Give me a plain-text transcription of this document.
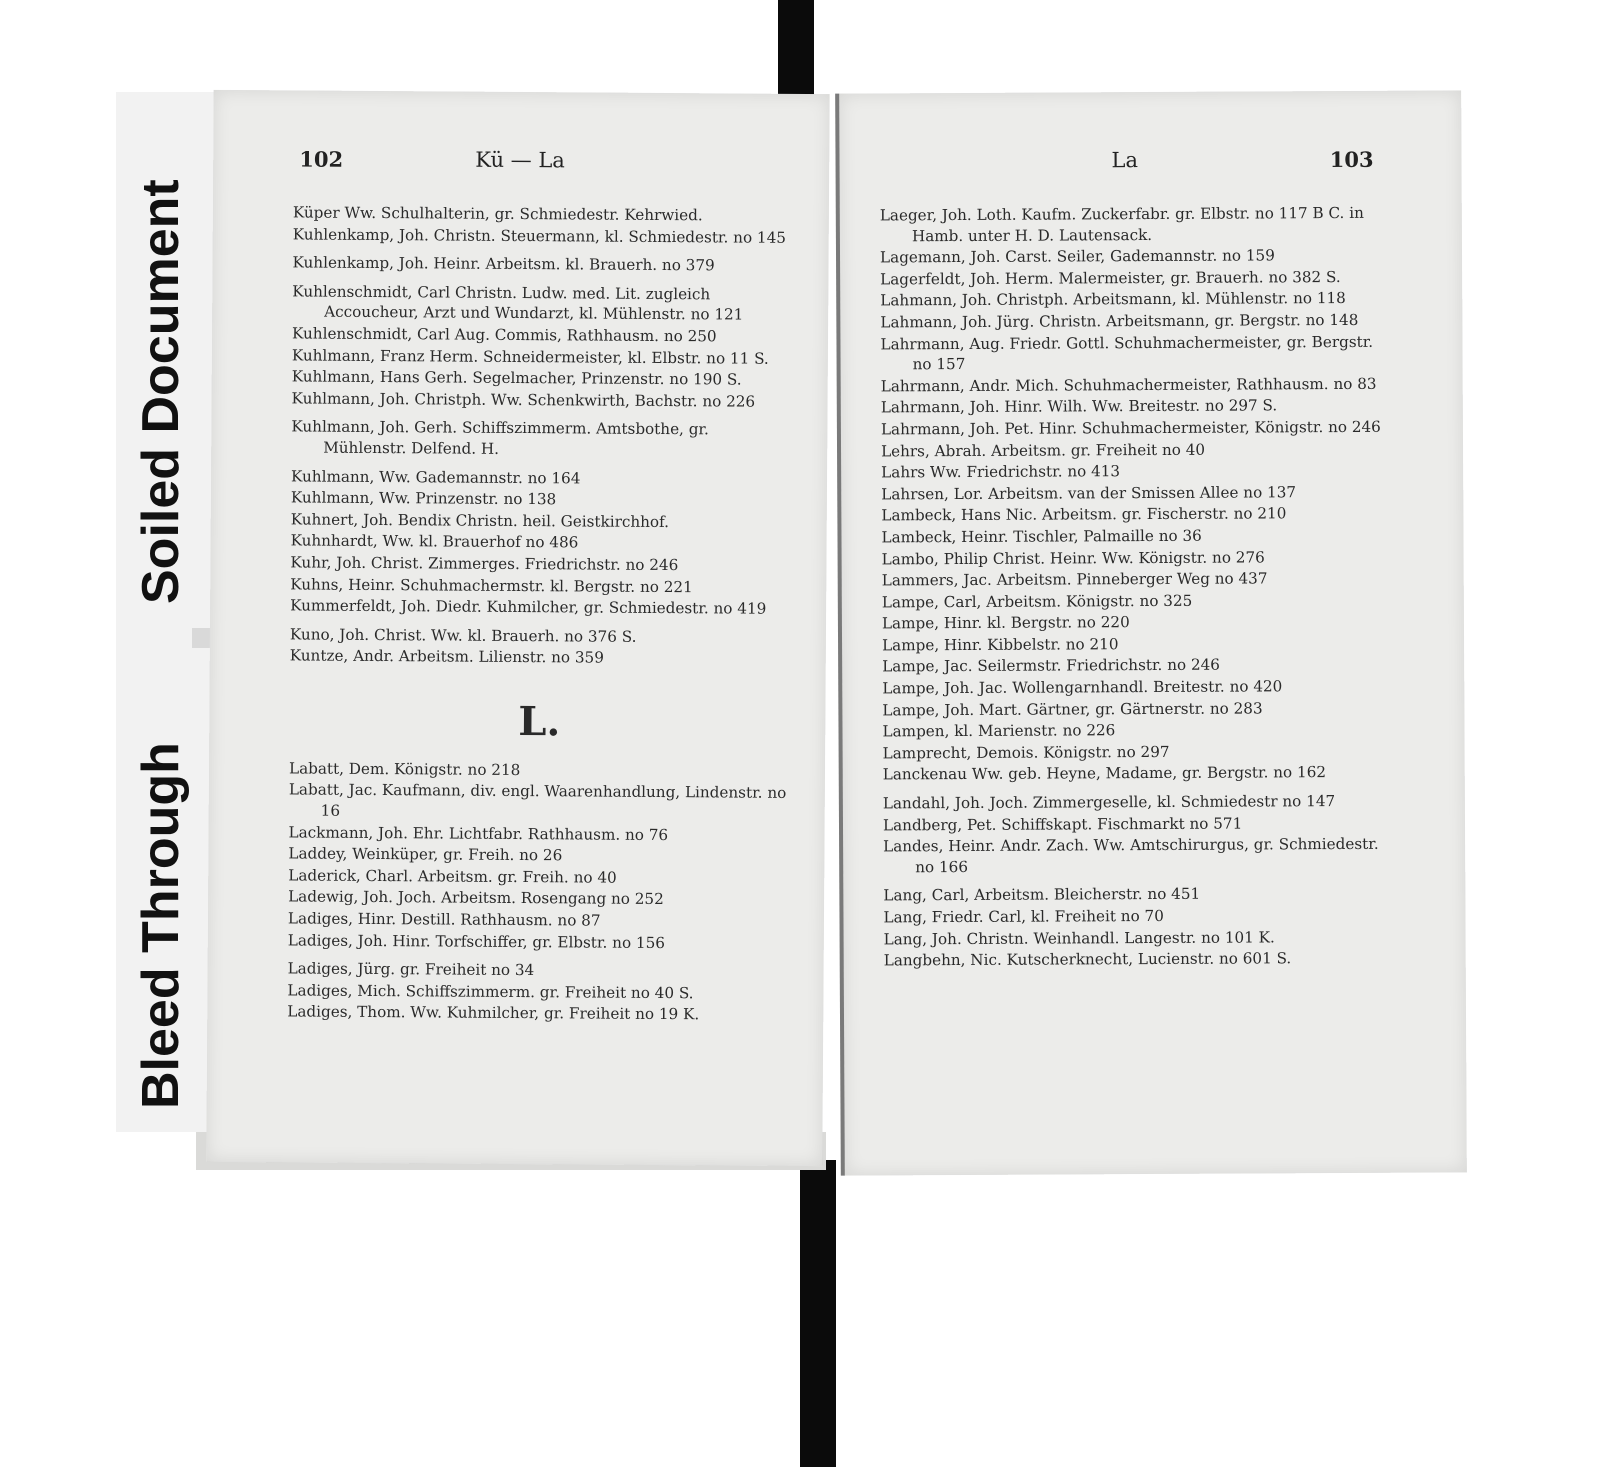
Soiled Document
Bleed Through
102	Kü — La
Küper Ww. Schulhalterin, gr. Schmiedestr. Kehrwied.
Kuhlenkamp, Joh. Christn. Steuermann, kl. Schmiedestr. no 145
Kuhlenkamp, Joh. Heinr. Arbeitsm. kl. Brauerh. no 379
Kuhlenschmidt, Carl Christn. Ludw. med. Lit. zugleich Accoucheur, Arzt und Wundarzt, kl. Mühlenstr. no 121
Kuhlenschmidt, Carl Aug. Commis, Rathhausm. no 250
Kuhlmann, Franz Herm. Schneidermeister, kl. Elbstr. no 11 S.
Kuhlmann, Hans Gerh. Segelmacher, Prinzenstr. no 190 S.
Kuhlmann, Joh. Christph. Ww. Schenkwirth, Bachstr. no 226
Kuhlmann, Joh. Gerh. Schiffszimmerm. Amtsbothe, gr. Mühlenstr. Delfend. H.
Kuhlmann, Ww. Gademannstr. no 164
Kuhlmann, Ww. Prinzenstr. no 138
Kuhnert, Joh. Bendix Christn. heil. Geistkirchhof.
Kuhnhardt, Ww. kl. Brauerhof no 486
Kuhr, Joh. Christ. Zimmerges. Friedrichstr. no 246
Kuhns, Heinr. Schuhmachermstr. kl. Bergstr. no 221
Kummerfeldt, Joh. Diedr. Kuhmilcher, gr. Schmiedestr. no 419
Kuno, Joh. Christ. Ww. kl. Brauerh. no 376 S.
Kuntze, Andr. Arbeitsm. Lilienstr. no 359
L.
Labatt, Dem. Königstr. no 218
Labatt, Jac. Kaufmann, div. engl. Waarenhandlung, Lindenstr. no 16
Lackmann, Joh. Ehr. Lichtfabr. Rathhausm. no 76
Laddey, Weinküper, gr. Freih. no 26
Laderick, Charl. Arbeitsm. gr. Freih. no 40
Ladewig, Joh. Joch. Arbeitsm. Rosengang no 252
Ladiges, Hinr. Destill. Rathhausm. no 87
Ladiges, Joh. Hinr. Torfschiffer, gr. Elbstr. no 156
Ladiges, Jürg. gr. Freiheit no 34
Ladiges, Mich. Schiffszimmerm. gr. Freiheit no 40 S.
Ladiges, Thom. Ww. Kuhmilcher, gr. Freiheit no 19 K.
La	103
Laeger, Joh. Loth. Kaufm. Zuckerfabr. gr. Elbstr. no 117 B C. in Hamb. unter H. D. Lautensack.
Lagemann, Joh. Carst. Seiler, Gademannstr. no 159
Lagerfeldt, Joh. Herm. Malermeister, gr. Brauerh. no 382 S.
Lahmann, Joh. Christph. Arbeitsmann, kl. Mühlenstr. no 118
Lahmann, Joh. Jürg. Christn. Arbeitsmann, gr. Bergstr. no 148
Lahrmann, Aug. Friedr. Gottl. Schuhmachermeister, gr. Bergstr. no 157
Lahrmann, Andr. Mich. Schuhmachermeister, Rathhausm. no 83
Lahrmann, Joh. Hinr. Wilh. Ww. Breitestr. no 297 S.
Lahrmann, Joh. Pet. Hinr. Schuhmachermeister, Königstr. no 246
Lehrs, Abrah. Arbeitsm. gr. Freiheit no 40
Lahrs Ww. Friedrichstr. no 413
Lahrsen, Lor. Arbeitsm. van der Smissen Allee no 137
Lambeck, Hans Nic. Arbeitsm. gr. Fischerstr. no 210
Lambeck, Heinr. Tischler, Palmaille no 36
Lambo, Philip Christ. Heinr. Ww. Königstr. no 276
Lammers, Jac. Arbeitsm. Pinneberger Weg no 437
Lampe, Carl, Arbeitsm. Königstr. no 325
Lampe, Hinr. kl. Bergstr. no 220
Lampe, Hinr. Kibbelstr. no 210
Lampe, Jac. Seilermstr. Friedrichstr. no 246
Lampe, Joh. Jac. Wollengarnhandl. Breitestr. no 420
Lampe, Joh. Mart. Gärtner, gr. Gärtnerstr. no 283
Lampen, kl. Marienstr. no 226
Lamprecht, Demois. Königstr. no 297
Lanckenau Ww. geb. Heyne, Madame, gr. Bergstr. no 162
Landahl, Joh. Joch. Zimmergeselle, kl. Schmiedestr no 147
Landberg, Pet. Schiffskapt. Fischmarkt no 571
Landes, Heinr. Andr. Zach. Ww. Amtschirurgus, gr. Schmiedestr. no 166
Lang, Carl, Arbeitsm. Bleicherstr. no 451
Lang, Friedr. Carl, kl. Freiheit no 70
Lang, Joh. Christn. Weinhandl. Langestr. no 101 K.
Langbehn, Nic. Kutscherknecht, Lucienstr. no 601 S.
